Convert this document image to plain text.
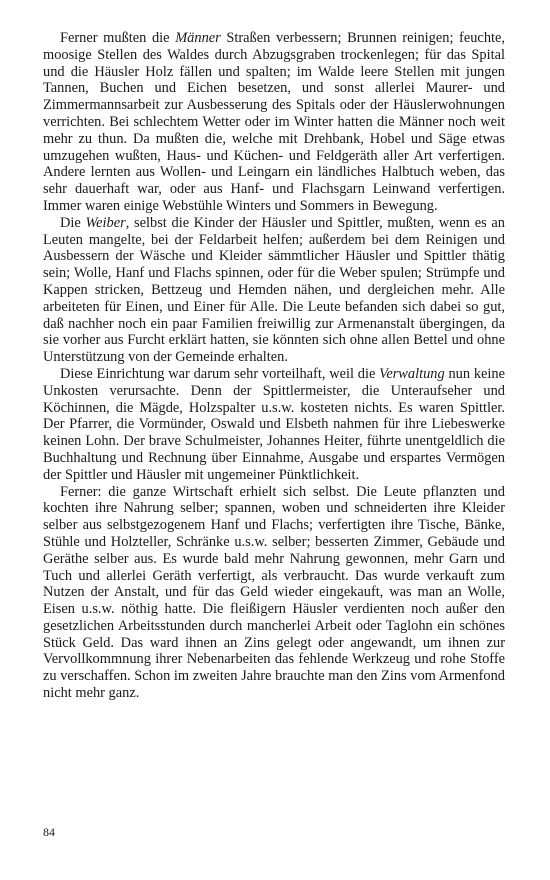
Ferner mußten die Männer Straßen verbessern; Brunnen reinigen; feuchte, moosige Stellen des Waldes durch Abzugsgraben trockenlegen; für das Spital und die Häusler Holz fällen und spalten; im Walde leere Stellen mit jungen Tannen, Buchen und Eichen besetzen, und sonst allerlei Maurer- und Zimmermannsarbeit zur Ausbesserung des Spitals oder der Häuslerwohnungen verrichten. Bei schlechtem Wetter oder im Winter hatten die Männer noch weit mehr zu thun. Da mußten die, welche mit Drehbank, Hobel und Säge etwas umzugehen wußten, Haus- und Küchen- und Feldgeräth aller Art verfertigen. Andere lernten aus Wollen- und Leingarn ein ländliches Halbtuch weben, das sehr dauerhaft war, oder aus Hanf- und Flachsgarn Leinwand verfertigen. Immer waren einige Webstühle Winters und Sommers in Bewegung.

Die Weiber, selbst die Kinder der Häusler und Spittler, mußten, wenn es an Leuten mangelte, bei der Feldarbeit helfen; außerdem bei dem Reinigen und Ausbessern der Wäsche und Kleider sämmtlicher Häusler und Spittler thätig sein; Wolle, Hanf und Flachs spinnen, oder für die Weber spulen; Strümpfe und Kappen stricken, Bettzeug und Hemden nähen, und dergleichen mehr. Alle arbeiteten für Einen, und Einer für Alle. Die Leute befanden sich dabei so gut, daß nachher noch ein paar Familien freiwillig zur Armenanstalt übergingen, da sie vorher aus Furcht erklärt hatten, sie könnten sich ohne allen Bettel und ohne Unterstützung von der Gemeinde erhalten.

Diese Einrichtung war darum sehr vorteilhaft, weil die Verwaltung nun keine Unkosten verursachte. Denn der Spittlermeister, die Unteraufseher und Köchinnen, die Mägde, Holzspalter u.s.w. kosteten nichts. Es waren Spittler. Der Pfarrer, die Vormünder, Oswald und Elsbeth nahmen für ihre Liebeswerke keinen Lohn. Der brave Schulmeister, Johannes Heiter, führte unentgeldlich die Buchhaltung und Rechnung über Einnahme, Ausgabe und erspartes Vermögen der Spittler und Häusler mit ungemeiner Pünktlichkeit.

Ferner: die ganze Wirtschaft erhielt sich selbst. Die Leute pflanzten und kochten ihre Nahrung selber; spannen, woben und schneiderten ihre Kleider selber aus selbstgezogenem Hanf und Flachs; verfertigten ihre Tische, Bänke, Stühle und Holzteller, Schränke u.s.w. selber; besserten Zimmer, Gebäude und Geräthe selber aus. Es wurde bald mehr Nahrung gewonnen, mehr Garn und Tuch und allerlei Geräth verfertigt, als verbraucht. Das wurde verkauft zum Nutzen der Anstalt, und für das Geld wieder eingekauft, was man an Wolle, Eisen u.s.w. nöthig hatte. Die fleißigern Häusler verdienten noch außer den gesetzlichen Arbeitsstunden durch mancherlei Arbeit oder Taglohn ein schönes Stück Geld. Das ward ihnen an Zins gelegt oder angewandt, um ihnen zur Vervollkommnung ihrer Nebenarbeiten das fehlende Werkzeug und rohe Stoffe zu verschaffen. Schon im zweiten Jahre brauchte man den Zins vom Armenfond nicht mehr ganz.

84
